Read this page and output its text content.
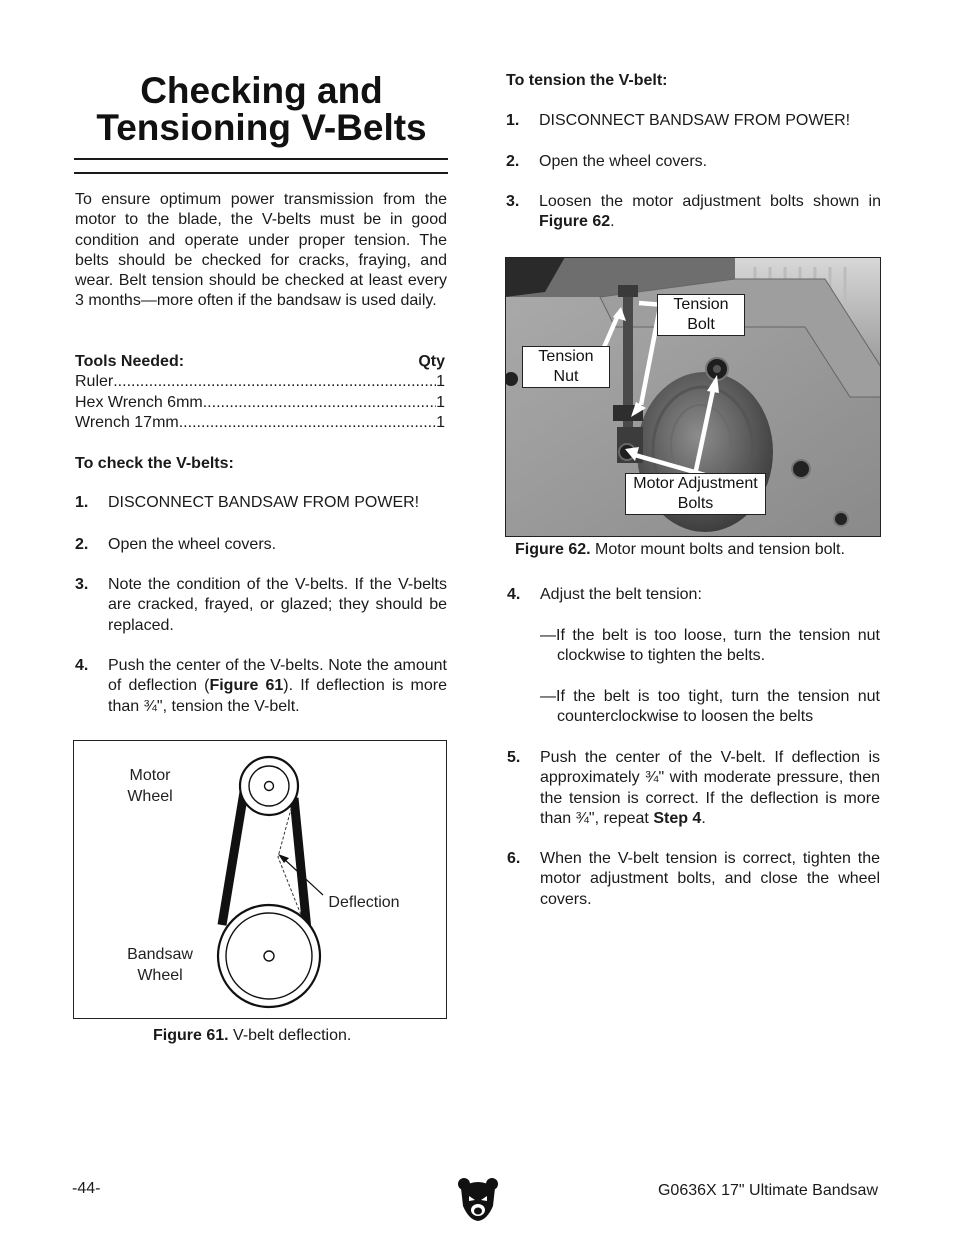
Checking and
Tensioning V-Belts
To ensure optimum power transmission from the motor to the blade, the V-belts must be in good condition and operate under proper tension. The belts should be checked for cracks, fraying, and wear. Belt tension should be checked at least every 3 months—more often if the bandsaw is used daily.
Tools Needed:	Qty
Ruler .....	1
Hex Wrench 6mm .....	1
Wrench 17mm .....	1
To check the V-belts:
1. DISCONNECT BANDSAW FROM POWER!
2. Open the wheel covers.
3. Note the condition of the V-belts. If the V-belts are cracked, frayed, or glazed; they should be replaced.
4. Push the center of the V-belts. Note the amount of deflection (Figure 61). If deflection is more than ¾", tension the V-belt.
Motor
Wheel
Deflection
Bandsaw
Wheel
Figure 61. V-belt deflection.
To tension the V-belt:
1. DISCONNECT BANDSAW FROM POWER!
2. Open the wheel covers.
3. Loosen the motor adjustment bolts shown in Figure 62.
Tension
Bolt
Tension
Nut
Motor Adjustment
Bolts
Figure 62. Motor mount bolts and tension bolt.
4. Adjust the belt tension:
—If the belt is too loose, turn the tension nut clockwise to tighten the belts.
—If the belt is too tight, turn the tension nut counterclockwise to loosen the belts
5. Push the center of the V-belt. If deflection is approximately ¾" with moderate pressure, then the tension is correct. If the deflection is more than ¾", repeat Step 4.
6. When the V-belt tension is correct, tighten the motor adjustment bolts, and close the wheel covers.
-44-	G0636X 17" Ultimate Bandsaw
